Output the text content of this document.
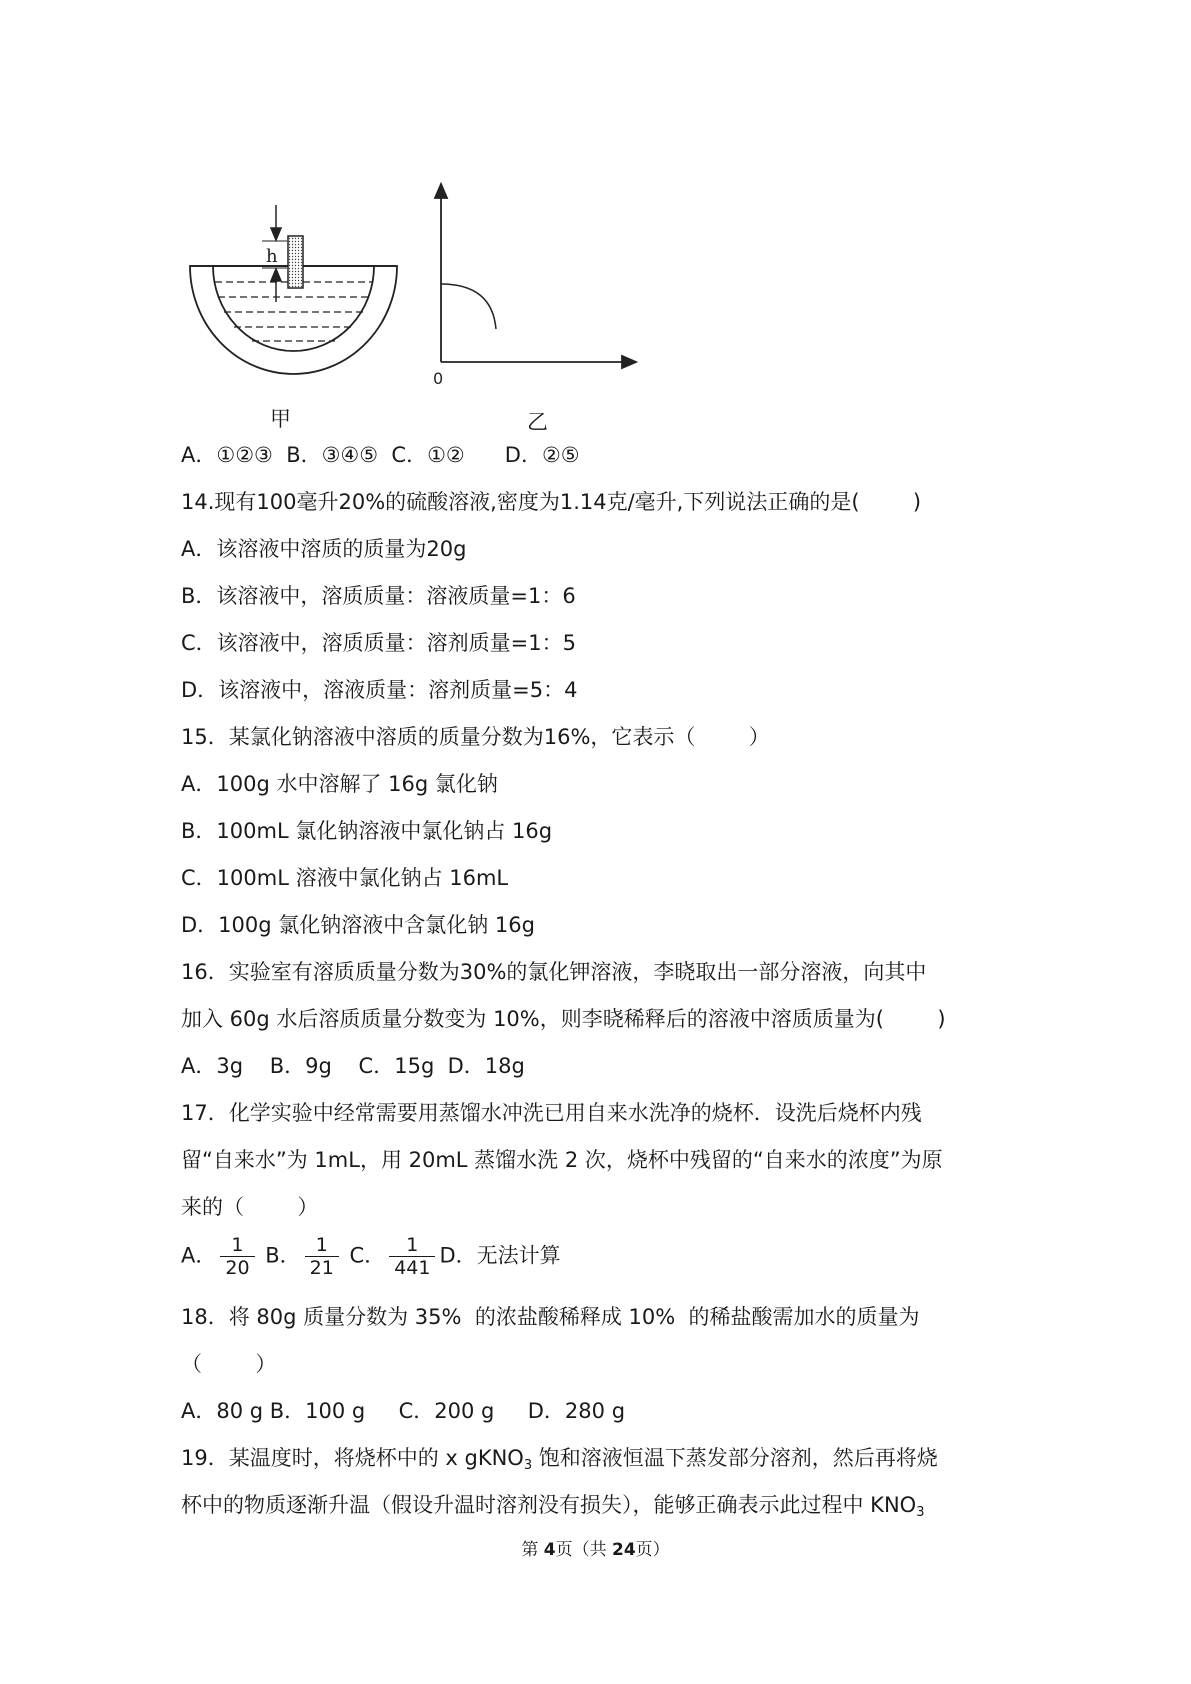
h
0
甲	乙
A．①②③  B．③④⑤  C．①②      D．②⑤
14.现有100毫升20%的硫酸溶液,密度为1.14克/毫升,下列说法正确的是(        )
A．该溶液中溶质的质量为20g
B．该溶液中，溶质质量：溶液质量=1：6
C．该溶液中，溶质质量：溶剂质量=1：5
D．该溶液中，溶液质量：溶剂质量=5：4
15．某氯化钠溶液中溶质的质量分数为16%，它表示（        ）
A．100g 水中溶解了 16g 氯化钠
B．100mL 氯化钠溶液中氯化钠占 16g
C．100mL 溶液中氯化钠占 16mL
D．100g 氯化钠溶液中含氯化钠 16g
16．实验室有溶质质量分数为30%的氯化钾溶液，李晓取出一部分溶液，向其中
加入 60g 水后溶质质量分数变为 10%，则李晓稀释后的溶液中溶质质量为(        )
A．3g    B．9g    C．15g  D．18g
17．化学实验中经常需要用蒸馏水冲洗已用自来水洗净的烧杯．设洗后烧杯内残
留“自来水”为 1mL，用 20mL 蒸馏水洗 2 次，烧杯中残留的“自来水的浓度”为原
来的（        ）
A． $\frac{1}{20}$ B． $\frac{1}{21}$ C． $\frac{1}{441}$ D．无法计算
18．将 80g 质量分数为 35%  的浓盐酸稀释成 10%  的稀盐酸需加水的质量为
（        ）
A．80 g B．100 g     C．200 g     D．280 g
19．某温度时，将烧杯中的 x gKNO$_3$ 饱和溶液恒温下蒸发部分溶剂，然后再将烧
杯中的物质逐渐升温（假设升温时溶剂没有损失），能够正确表示此过程中 $KNO_3$
第 4页（共 24页）
